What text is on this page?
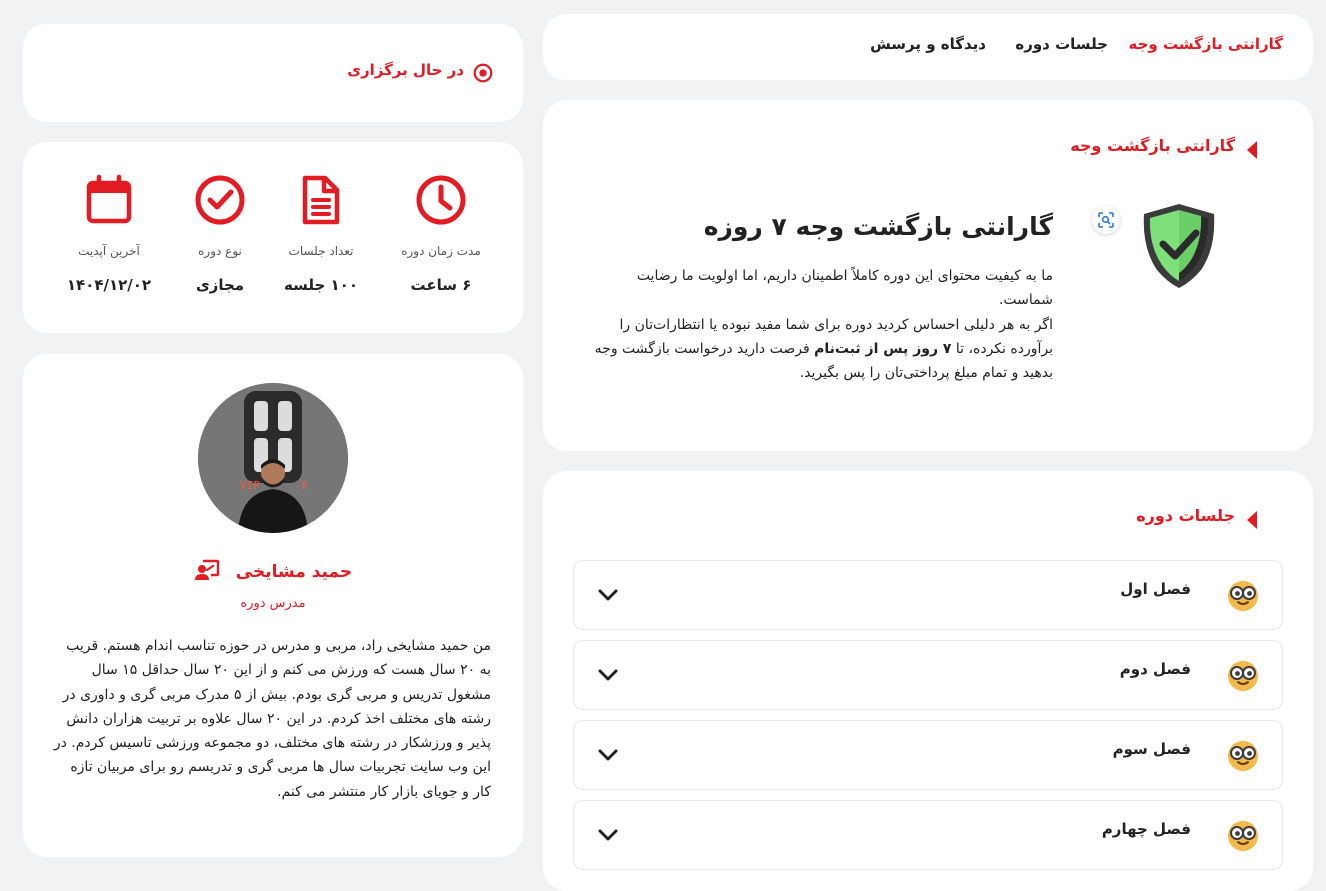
گارانتی بازگشت وجه
جلسات دوره
دیدگاه و پرسش
در حال برگزاری
مدت زمان دوره
۶ ساعت
تعداد جلسات
۱۰۰ جلسه
نوع دوره
مجازی
آخرین آپدیت
۱۴۰۴/۱۲/۰۲
VIP	X
حمید مشایخی
مدرس دوره
من حمید مشایخی راد، مربی و مدرس در حوزه تناسب اندام هستم. قریب به ۲۰ سال هست که ورزش می کنم و از این ۲۰ سال حداقل ۱۵ سال مشغول تدریس و مربی گری بودم. بیش از ۵ مدرک مربی گری و داوری در رشته های مختلف اخذ کردم. در این ۲۰ سال علاوه بر تربیت هزاران دانش پذیر و ورزشکار در رشته های مختلف، دو مجموعه ورزشی تاسیس کردم. در این وب سایت تجربیات سال ها مربی گری و تدریسم رو برای مربیان تازه کار و جویای بازار کار منتشر می کنم.
گارانتی بازگشت وجه
گارانتی بازگشت وجه ۷ روزه
ما به کیفیت محتوای این دوره کاملاً اطمینان داریم، اما اولویت ما رضایت شماست.
اگر به هر دلیلی احساس کردید دوره برای شما مفید نبوده یا انتظارات‌تان را برآورده نکرده، تا ۷ روز پس از ثبت‌نام فرصت دارید درخواست بازگشت وجه بدهید و تمام مبلغ پرداختی‌تان را پس بگیرید.
جلسات دوره
فصل اول
فصل دوم
فصل سوم
فصل چهارم
